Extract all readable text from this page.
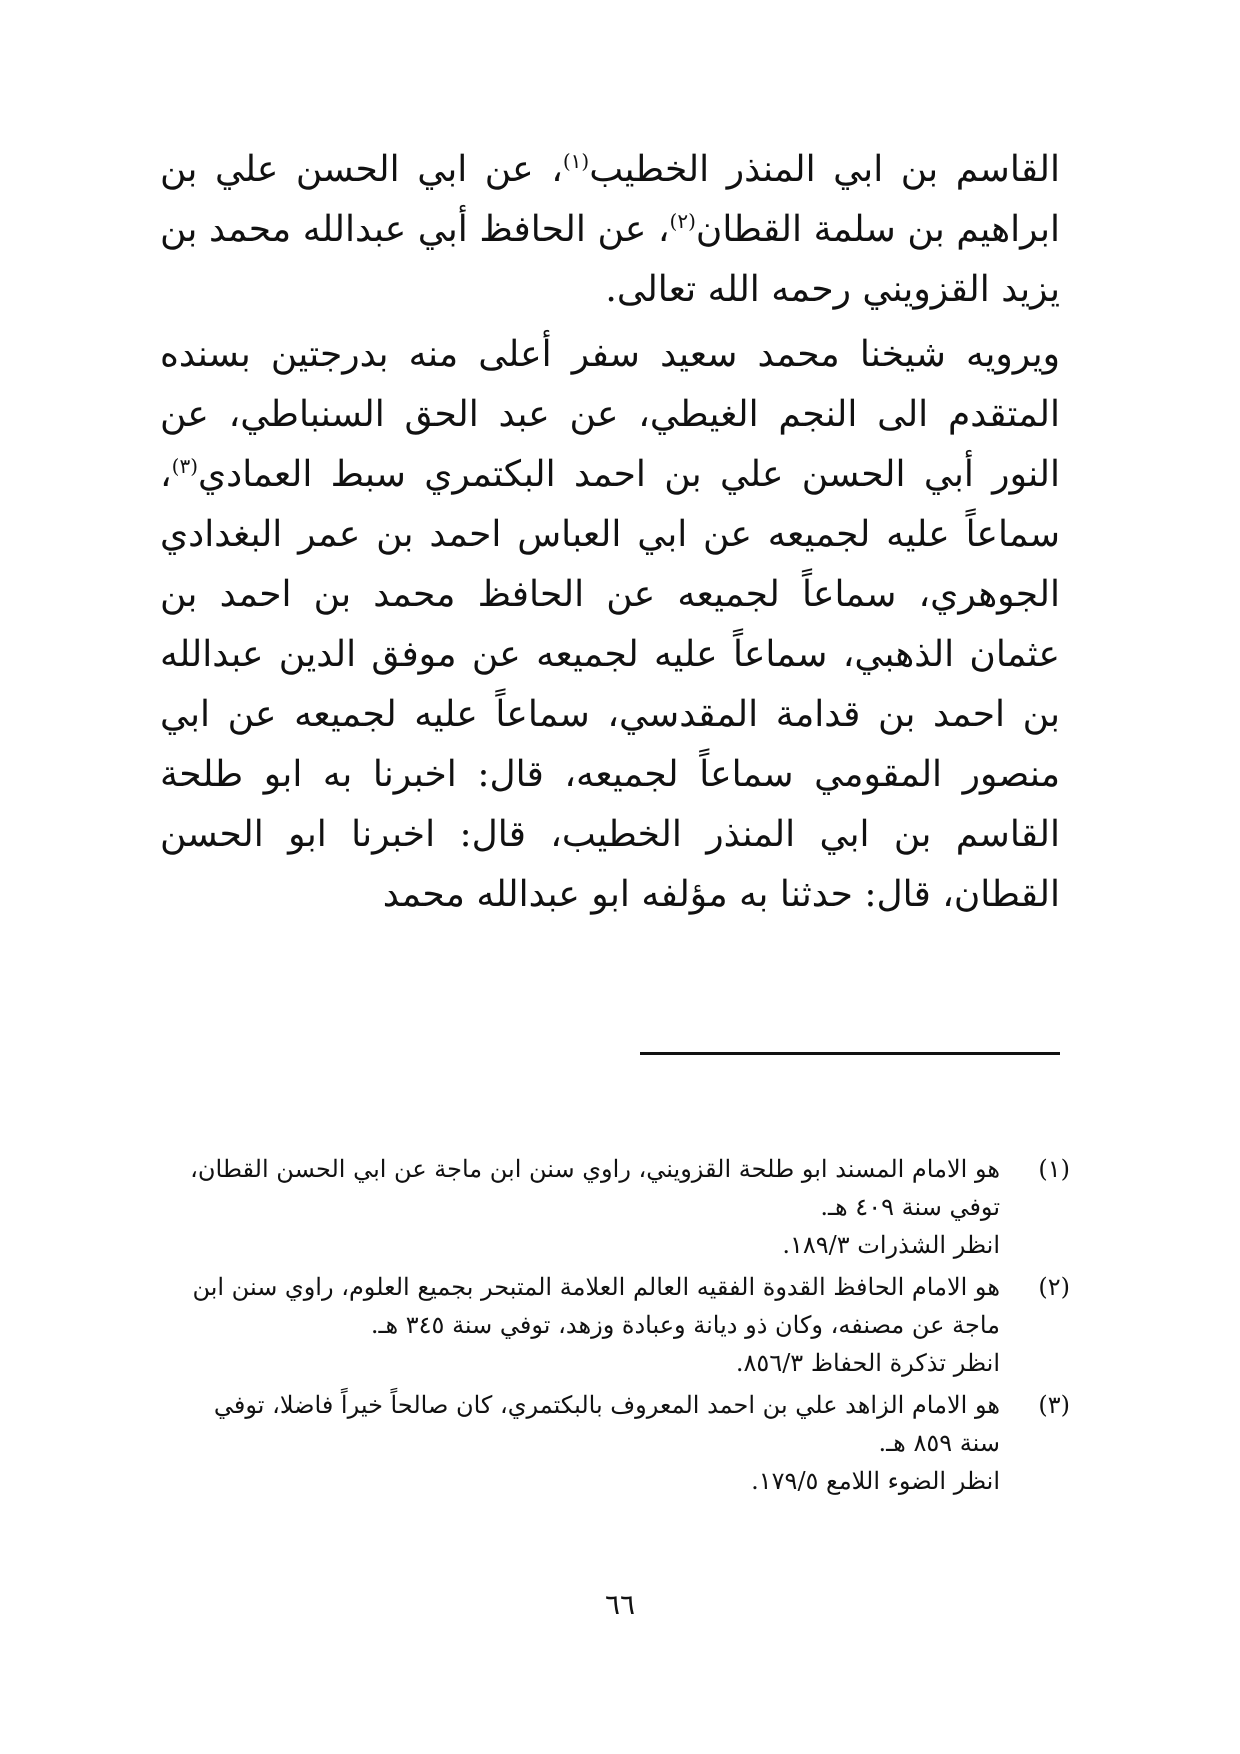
القاسم بن ابي المنذر الخطيب$^{(١)}$، عن ابي الحسن علي بن ابراهيم بن سلمة القطان$^{(٢)}$، عن الحافظ أبي عبدالله محمد بن يزيد القزويني رحمه الله تعالى.

ويرويه شيخنا محمد سعيد سفر أعلى منه بدرجتين بسنده المتقدم الى النجم الغيطي، عن عبد الحق السنباطي، عن النور أبي الحسن علي بن احمد البكتمري سبط العمادي$^{(٣)}$، سماعاً عليه لجميعه عن ابي العباس احمد بن عمر البغدادي الجوهري، سماعاً لجميعه عن الحافظ محمد بن احمد بن عثمان الذهبي، سماعاً عليه لجميعه عن موفق الدين عبدالله بن احمد بن قدامة المقدسي، سماعاً عليه لجميعه عن ابي منصور المقومي سماعاً لجميعه، قال: اخبرنا به ابو طلحة القاسم بن ابي المنذر الخطيب، قال: اخبرنا ابو الحسن القطان، قال: حدثنا به مؤلفه ابو عبدالله محمد

(١)
هو الامام المسند ابو طلحة القزويني، راوي سنن ابن ماجة عن ابي الحسن القطان، توفي سنة ٤٠٩ هـ.
انظر الشذرات ١٨٩/٣.
(٢)
هو الامام الحافظ القدوة الفقيه العالم العلامة المتبحر بجميع العلوم، راوي سنن ابن ماجة عن مصنفه، وكان ذو ديانة وعبادة وزهد، توفي سنة ٣٤٥ هـ.
انظر تذكرة الحفاظ ٨٥٦/٣.
(٣)
هو الامام الزاهد علي بن احمد المعروف بالبكتمري، كان صالحاً خيراً فاضلا، توفي سنة ٨٥٩ هـ.
انظر الضوء اللامع ١٧٩/٥.
٦٦
